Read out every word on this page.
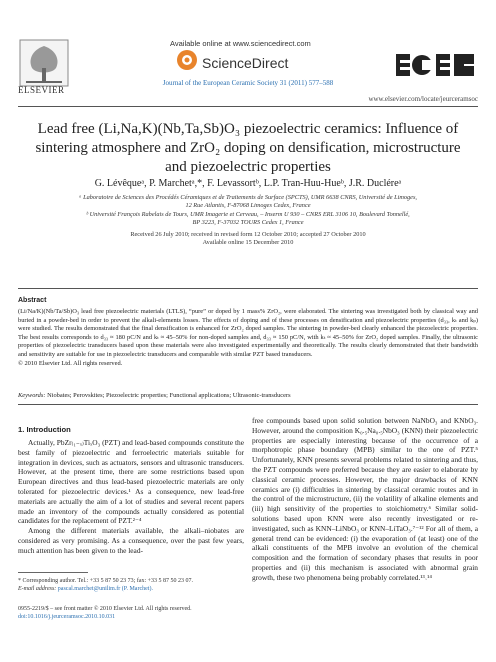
ELSEVIER
Available online at www.sciencedirect.com
ScienceDirect
Journal of the European Ceramic Society 31 (2011) 577–588
www.elsevier.com/locate/jeurceramsoc
Lead free (Li,Na,K)(Nb,Ta,Sb)O₃ piezoelectric ceramics: Influence of sintering atmosphere and ZrO₂ doping on densification, microstructure and piezoelectric properties
G. Lévêqueᵃ, P. Marchetᵃ,*, F. Levassortᵇ, L.P. Tran-Huu-Hueᵇ, J.R. Ducléreᵃ
ᵃ Laboratoire de Sciences des Procédés Céramiques et de Traitements de Surface (SPCTS), UMR 6638 CNRS, Université de Limoges,
12 Rue Atlantis, F-87068 Limoges Cedex, France
ᵇ Université François Rabelais de Tours, UMR Imagerie et Cerveau, – Inserm U 930 – CNRS ERL 3106 10, Boulevard Tonnellé,
BP 3223, F-37032 TOURS Cedex 1, France
Received 26 July 2010; received in revised form 12 October 2010; accepted 27 October 2010
Available online 15 December 2010
Abstract
(Li/Na/K)(Nb/Ta/Sb)O₃ lead free piezoelectric materials (LTLS), “pure” or doped by 1 mass% ZrO₂, were elaborated. The sintering was investigated both by classical way and buried in a powder-bed in order to prevent the alkali-elements losses. The effects of doping and of these processes on densification and piezoelectric properties (d₃₃, kₜ and kₚ) were studied. The results demonstrated that the final densification is enhanced for ZrO₂ doped samples. The sintering in powder-bed clearly enhanced the piezoelectric properties. The best results corresponds to d₃₃ ≈ 180 pC/N and kₜ ≈ 45–50% for non-doped samples and, d₃₃ ≈ 150 pC/N, with kₜ ≈ 45–50% for ZrO₂ doped samples. Finally, the ultrasonic properties of piezoelectric transducers based upon these materials were also investigated experimentally and theoretically. The results clearly demonstrated that their bandwidth and sensitivity are suitable for use in piezoelectric transducers and comparable with similar PZT based transducers.
© 2010 Elsevier Ltd. All rights reserved.
Keywords: Niobates; Perovskites; Piezoelectric properties; Functional applications; Ultrasonic-transducers
1. Introduction

Actually, PbZr₍₁₋ₓ₎TiₓO₃ (PZT) and lead-based compounds constitute the best family of piezoelectric and ferroelectric materials suitable for integration in devices, such as actuators, sensors and ultrasonic transducers. However, at the present time, there are some restrictions based upon European directives and thus lead-based piezoelectric materials are only tolerated for piezoelectric devices.¹ As a consequence, new lead-free materials are actually the aim of a lot of studies and several recent papers made an inventory of the compounds actually considered as potential candidates for the replacement of PZT.²⁻⁴

Among the different materials available, the alkali–niobates are considered as very promising. As a consequence, over the past few years, much attention has been given to the lead-

free compounds based upon solid solution between NaNbO₃ and KNbO₃. However, around the composition K₀.₅Na₀.₅NbO₃ (KNN) their piezoelectric properties are especially interesting because of the occurrence of a morphotropic phase boundary (MPB) similar to the one of PZT.⁵ Unfortunately, KNN presents several problems related to sintering and thus, the PZT compounds were preferred because they are easier to elaborate by classical ceramic processes. However, the major drawbacks of KNN ceramics are (i) difficulties in sintering by classical ceramic routes and in the control of the microstructure, (ii) the volatility of alkaline elements and (iii) high sensitivity of the properties to stoichiometry.⁶ Similar solid-solutions based upon KNN were also recently investigated or re-investigated, such as KNN–LiNbO₃ or KNN–LiTaO₃.⁷⁻¹² For all of them, a general trend can be evidenced: (i) the evaporation of (at least) one of the alkali constituents of the MPB involve an evolution of the chemical composition and the formation of secondary phases that results in poor properties and (ii) this mechanism is associated with abnormal grain growth, these two phenomena being probably correlated.¹³˒¹⁴

* Corresponding author. Tel.: +33 5 87 50 23 73; fax: +33 5 87 50 23 07.
E-mail address: pascal.marchet@unilim.fr (P. Marchet).
0955-2219/$ – see front matter © 2010 Elsevier Ltd. All rights reserved.
doi:10.1016/j.jeurceramsoc.2010.10.031
